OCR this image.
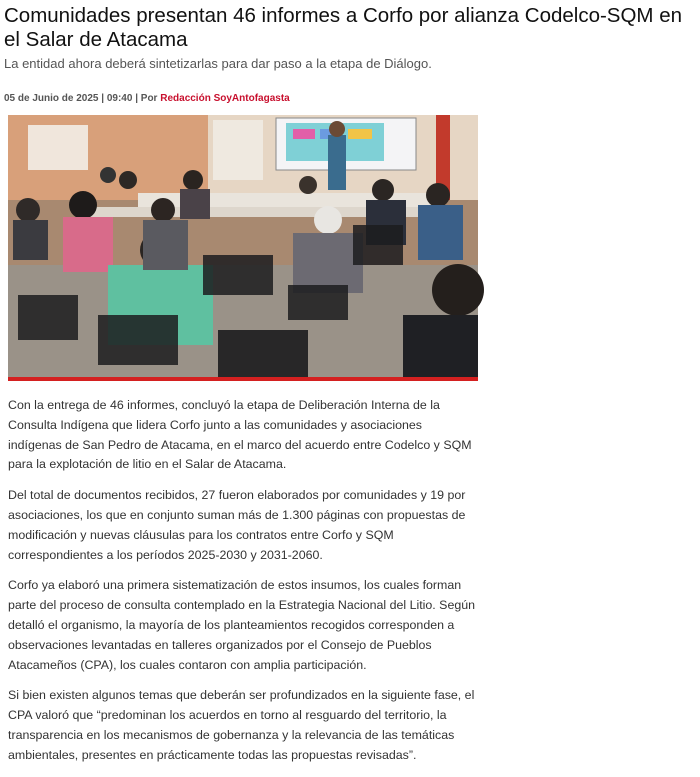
Comunidades presentan 46 informes a Corfo por alianza Codelco-SQM en el Salar de Atacama
La entidad ahora deberá sintetizarlas para dar paso a la etapa de Diálogo.
05 de Junio de 2025 | 09:40 | Por Redacción SoyAntofagasta

Con la entrega de 46 informes, concluyó la etapa de Deliberación Interna de la Consulta Indígena que lidera Corfo junto a las comunidades y asociaciones indígenas de San Pedro de Atacama, en el marco del acuerdo entre Codelco y SQM para la explotación de litio en el Salar de Atacama.

Del total de documentos recibidos, 27 fueron elaborados por comunidades y 19 por asociaciones, los que en conjunto suman más de 1.300 páginas con propuestas de modificación y nuevas cláusulas para los contratos entre Corfo y SQM correspondientes a los períodos 2025-2030 y 2031-2060.

Corfo ya elaboró una primera sistematización de estos insumos, los cuales forman parte del proceso de consulta contemplado en la Estrategia Nacional del Litio. Según detalló el organismo, la mayoría de los planteamientos recogidos corresponden a observaciones levantadas en talleres organizados por el Consejo de Pueblos Atacameños (CPA), los cuales contaron con amplia participación.

Si bien existen algunos temas que deberán ser profundizados en la siguiente fase, el CPA valoró que “predominan los acuerdos en torno al resguardo del territorio, la transparencia en los mecanismos de gobernanza y la relevancia de las temáticas ambientales, presentes en prácticamente todas las propuestas revisadas”.
